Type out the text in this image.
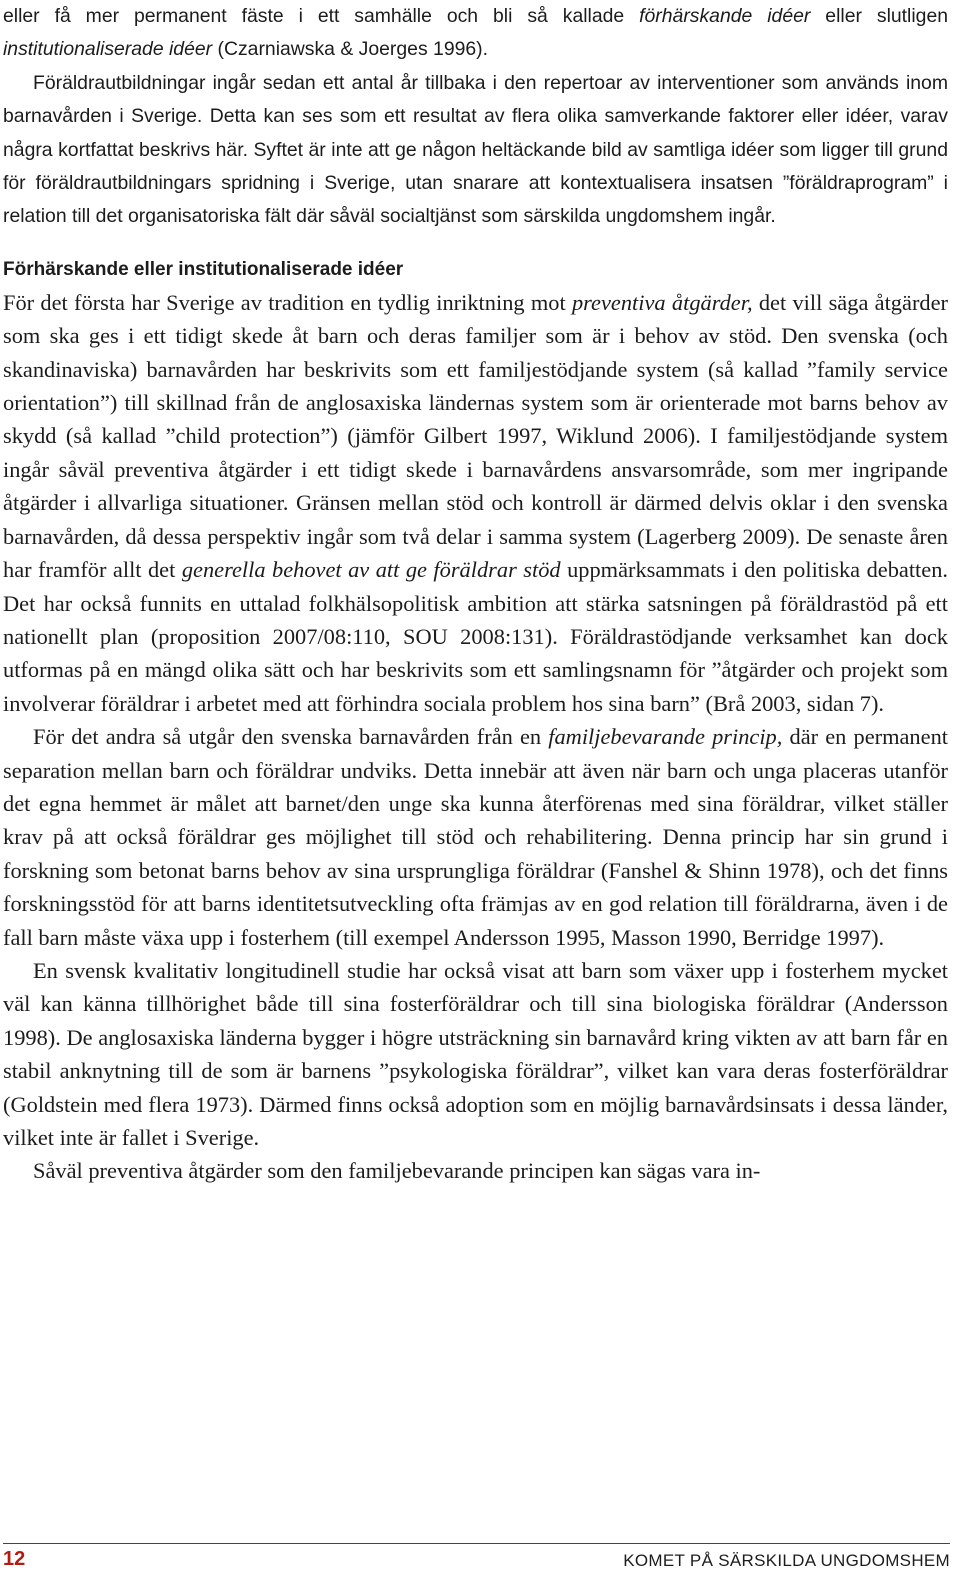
eller få mer permanent fäste i ett samhälle och bli så kallade förhärskande idéer eller slutligen institutionaliserade idéer (Czarniawska & Joerges 1996).

Föräldrautbildningar ingår sedan ett antal år tillbaka i den repertoar av interventioner som används inom barnavården i Sverige. Detta kan ses som ett resultat av flera olika samverkande faktorer eller idéer, varav några kortfattat beskrivs här. Syftet är inte att ge någon heltäckande bild av samtliga idéer som ligger till grund för föräldrautbildningars spridning i Sverige, utan snarare att kontextualisera insatsen ”föräldraprogram” i relation till det organisatoriska fält där såväl socialtjänst som särskilda ungdomshem ingår.

Förhärskande eller institutionaliserade idéer

För det första har Sverige av tradition en tydlig inriktning mot preventiva åtgärder, det vill säga åtgärder som ska ges i ett tidigt skede åt barn och deras familjer som är i behov av stöd. Den svenska (och skandinaviska) barnavården har beskrivits som ett familjestödjande system (så kallad ”family service orientation”) till skillnad från de anglosaxiska ländernas system som är orienterade mot barns behov av skydd (så kallad ”child protection”) (jämför Gilbert 1997, Wiklund 2006). I familjestödjande system ingår såväl preventiva åtgärder i ett tidigt skede i barnavårdens ansvarsområde, som mer ingripande åtgärder i allvarliga situationer. Gränsen mellan stöd och kontroll är därmed delvis oklar i den svenska barnavården, då dessa perspektiv ingår som två delar i samma system (Lagerberg 2009). De senaste åren har framför allt det generella behovet av att ge föräldrar stöd uppmärksammats i den politiska debatten. Det har också funnits en uttalad folkhälsopolitisk ambition att stärka satsningen på föräldrastöd på ett nationellt plan (proposition 2007/08:110, SOU 2008:131). Föräldrastödjande verksamhet kan dock utformas på en mängd olika sätt och har beskrivits som ett samlingsnamn för ”åtgärder och projekt som involverar föräldrar i arbetet med att förhindra sociala problem hos sina barn” (Brå 2003, sidan 7).

För det andra så utgår den svenska barnavården från en familjebevarande princip, där en permanent separation mellan barn och föräldrar undviks. Detta innebär att även när barn och unga placeras utanför det egna hemmet är målet att barnet/den unge ska kunna återförenas med sina föräldrar, vilket ställer krav på att också föräldrar ges möjlighet till stöd och rehabilitering. Denna princip har sin grund i forskning som betonat barns behov av sina ursprungliga föräldrar (Fanshel & Shinn 1978), och det finns forskningsstöd för att barns identitetsutveckling ofta främjas av en god relation till föräldrarna, även i de fall barn måste växa upp i fosterhem (till exempel Andersson 1995, Masson 1990, Berridge 1997).

En svensk kvalitativ longitudinell studie har också visat att barn som växer upp i fosterhem mycket väl kan känna tillhörighet både till sina fosterföräldrar och till sina biologiska föräldrar (Andersson 1998). De anglosaxiska länderna bygger i högre utsträckning sin barnavård kring vikten av att barn får en stabil anknytning till de som är barnens ”psykologiska föräldrar”, vilket kan vara deras fosterföräldrar (Goldstein med flera 1973). Därmed finns också adoption som en möjlig barnavårdsinsats i dessa länder, vilket inte är fallet i Sverige.

Såväl preventiva åtgärder som den familjebevarande principen kan sägas vara in-

12	KOMET PÅ SÄRSKILDA UNGDOMSHEM
